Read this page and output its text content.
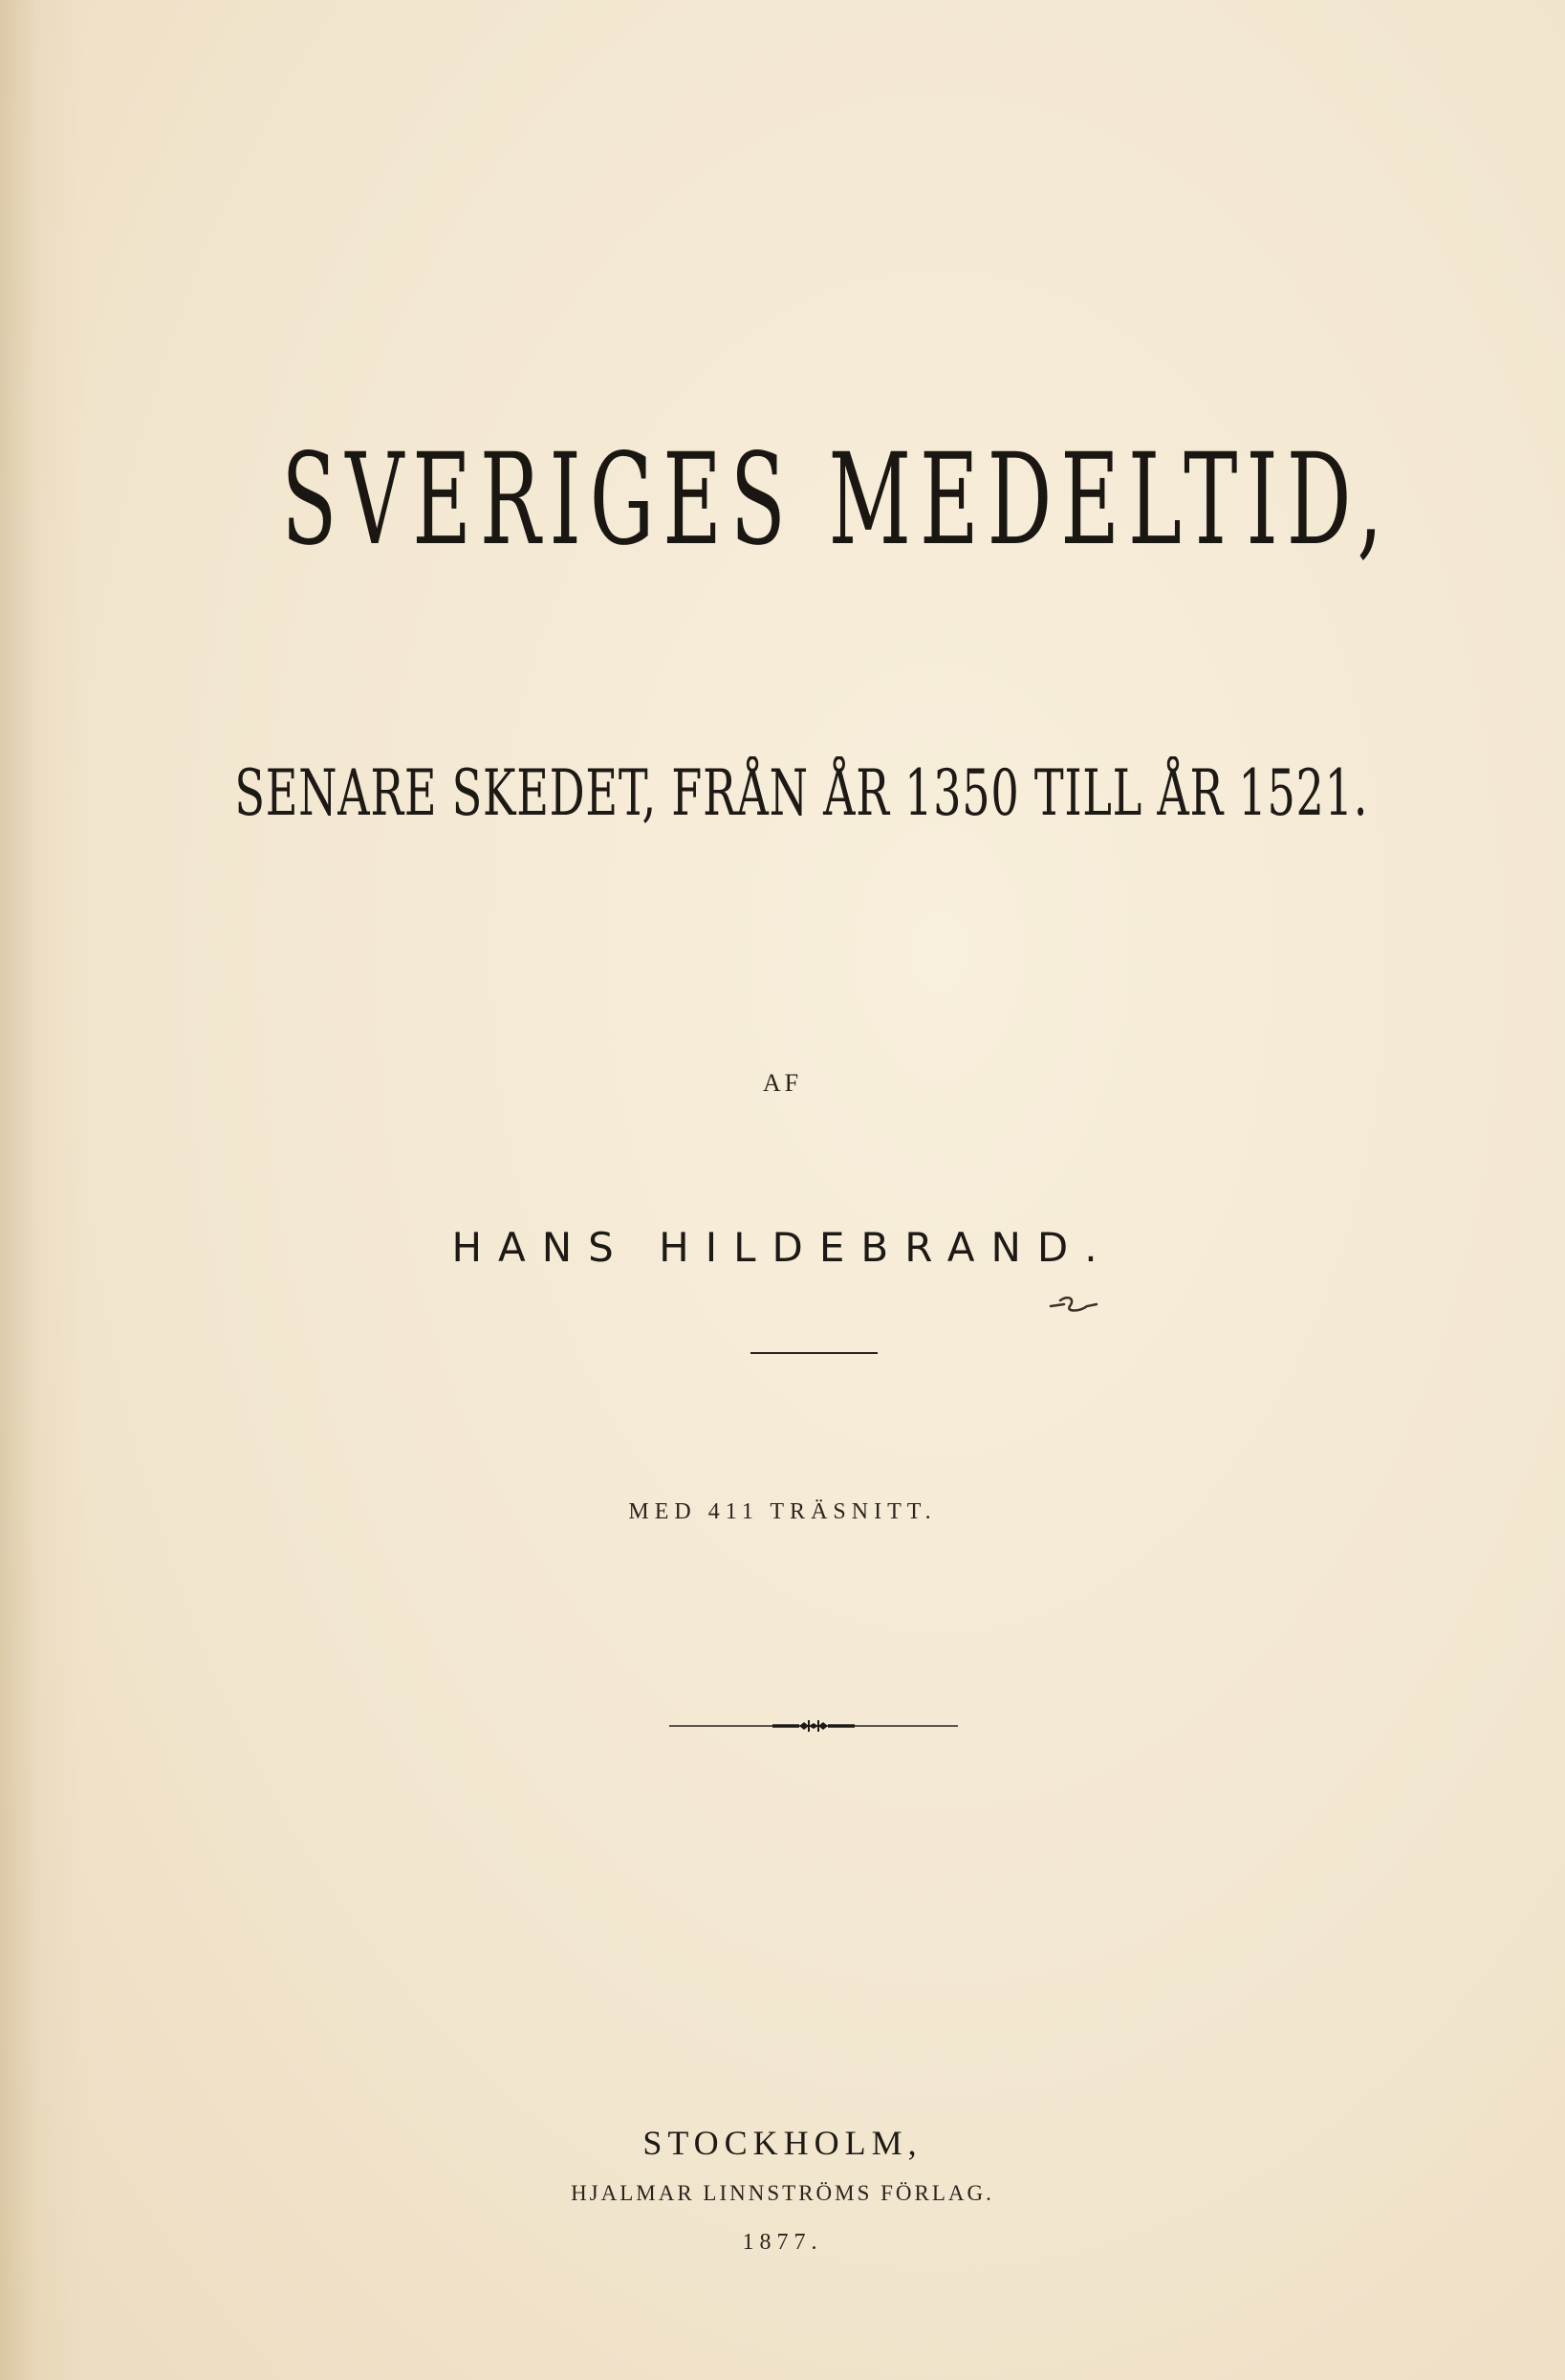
SVERIGES MEDELTID,
SENARE SKEDET, FRÅN ÅR 1350 TILL ÅR 1521.
AF
HANS HILDEBRAND.
MED 411 TRÄSNITT.
STOCKHOLM,
HJALMAR LINNSTRÖMS FÖRLAG.
1877.
